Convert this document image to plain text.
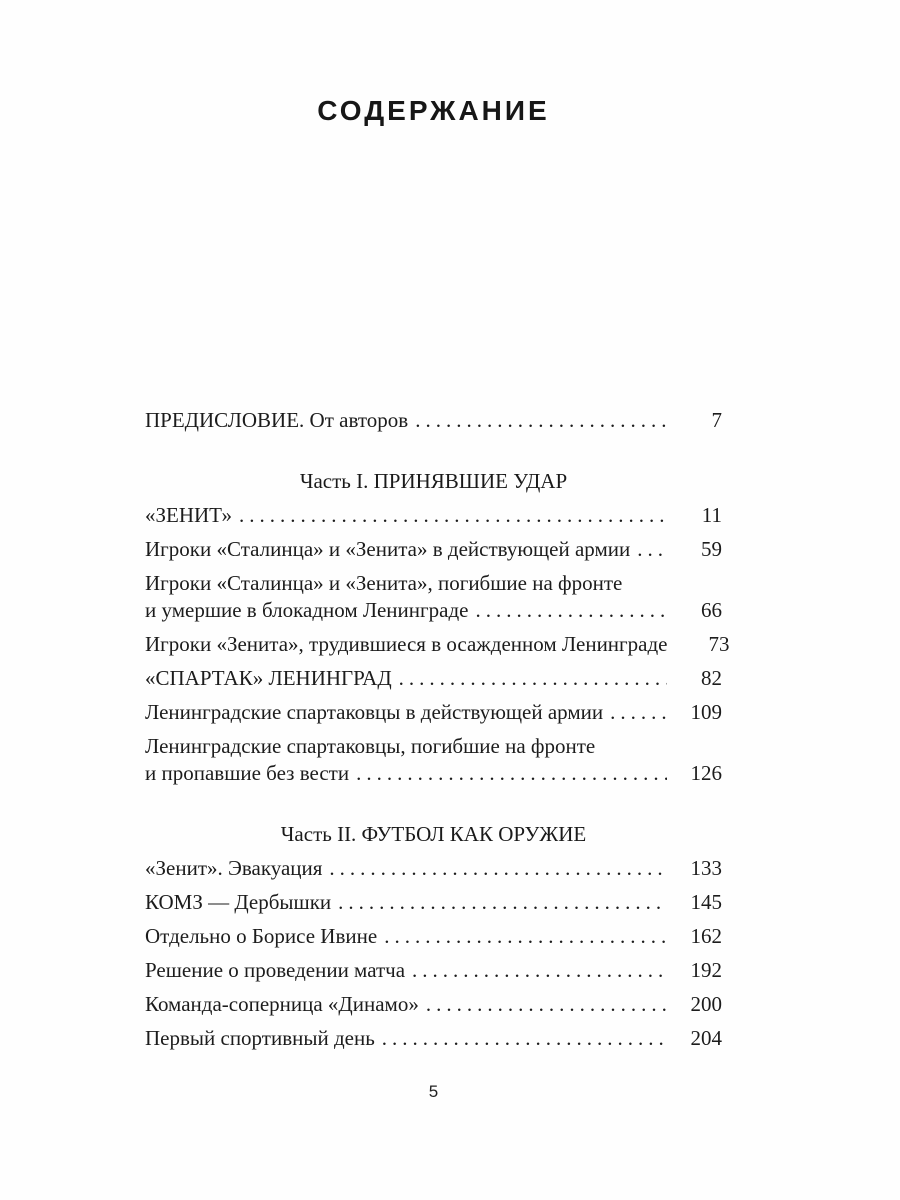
СОДЕРЖАНИЕ
ПРЕДИСЛОВИЕ. От авторов .....	7
Часть I. ПРИНЯВШИЕ УДАР
«ЗЕНИТ» .....	11
Игроки «Сталинца» и «Зенита» в действующей армии .....	59
Игроки «Сталинца» и «Зенита», погибшие на фронте
и умершие в блокадном Ленинграде .....	66
Игроки «Зенита», трудившиеся в осажденном Ленинграде	73
«СПАРТАК» ЛЕНИНГРАД .....	82
Ленинградские спартаковцы в действующей армии .....	109
Ленинградские спартаковцы, погибшие на фронте
и пропавшие без вести .....	126
Часть II. ФУТБОЛ КАК ОРУЖИЕ
«Зенит». Эвакуация .....	133
КОМЗ — Дербышки .....	145
Отдельно о Борисе Ивине .....	162
Решение о проведении матча .....	192
Команда-соперница «Динамо» .....	200
Первый спортивный день .....	204
5
